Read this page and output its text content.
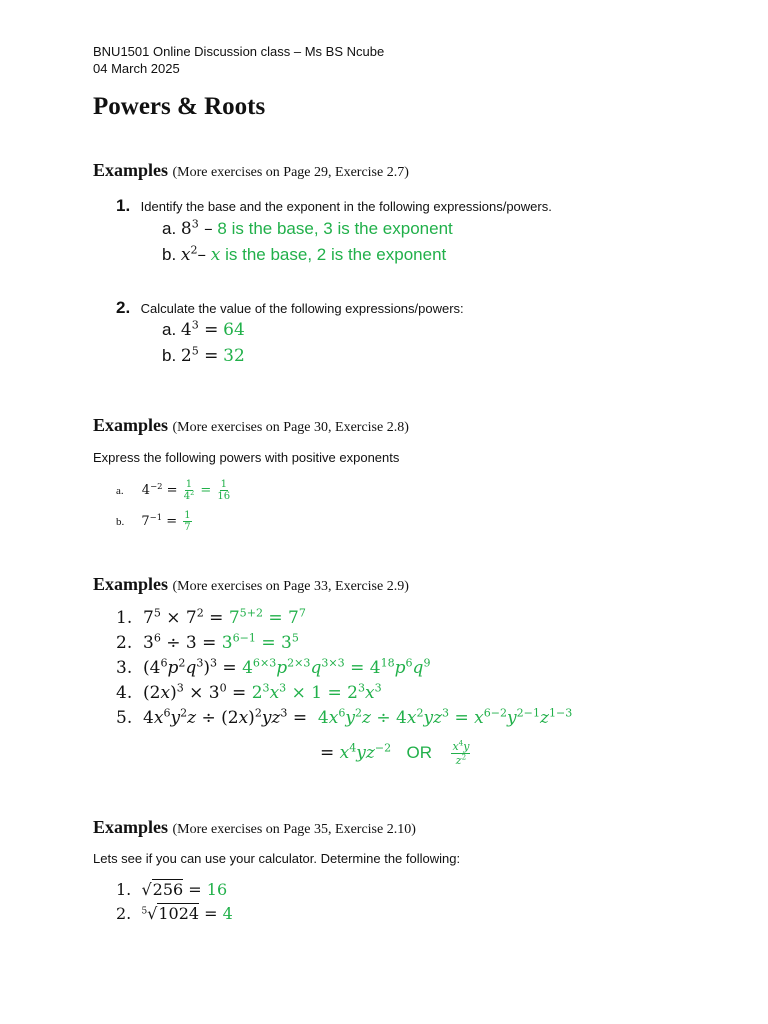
BNU1501 Online Discussion class – Ms BS Ncube
04 March 2025
Powers & Roots
Examples (More exercises on Page 29, Exercise 2.7)
1. Identify the base and the exponent in the following expressions/powers.
a. $8^3 - 8$ is the base, 3 is the exponent
b. $x^2-$ x is the base, 2 is the exponent
2. Calculate the value of the following expressions/powers:
a. $4^3 = 64$
b. $2^5 = 32$
Examples (More exercises on Page 30, Exercise 2.8)
Express the following powers with positive exponents
a. $4^{-2} = \frac{1}{4^2} = \frac{1}{16}$
b. $7^{-1} = \frac{1}{7}$
Examples (More exercises on Page 33, Exercise 2.9)
1.  $7^5 \times 7^2 = 7^{5+2} = 7^7$
2.  $3^6 \div 3 = 3^{6-1} = 3^5$
3.  $(4^6p^2q^3)^3 = 4^{6\times 3}p^{2\times 3}q^{3\times 3} = 4^{18}p^6q^9$
4.  $(2x)^3 \times 3^0 = 2^3x^3 \times 1 = 2^3x^3$
5.  $4x^6y^2z \div (2x)^2yz^3 = 4x^6y^2z \div 4x^2yz^3 = x^{6-2}y^{2-1}z^{1-3}$
= $x^4yz^{-2}$ OR $\frac{x^4y}{z^2}$
Examples (More exercises on Page 35, Exercise 2.10)
Lets see if you can use your calculator. Determine the following:
1.  √256 = 16
2.  $^5$√1024 = 4
